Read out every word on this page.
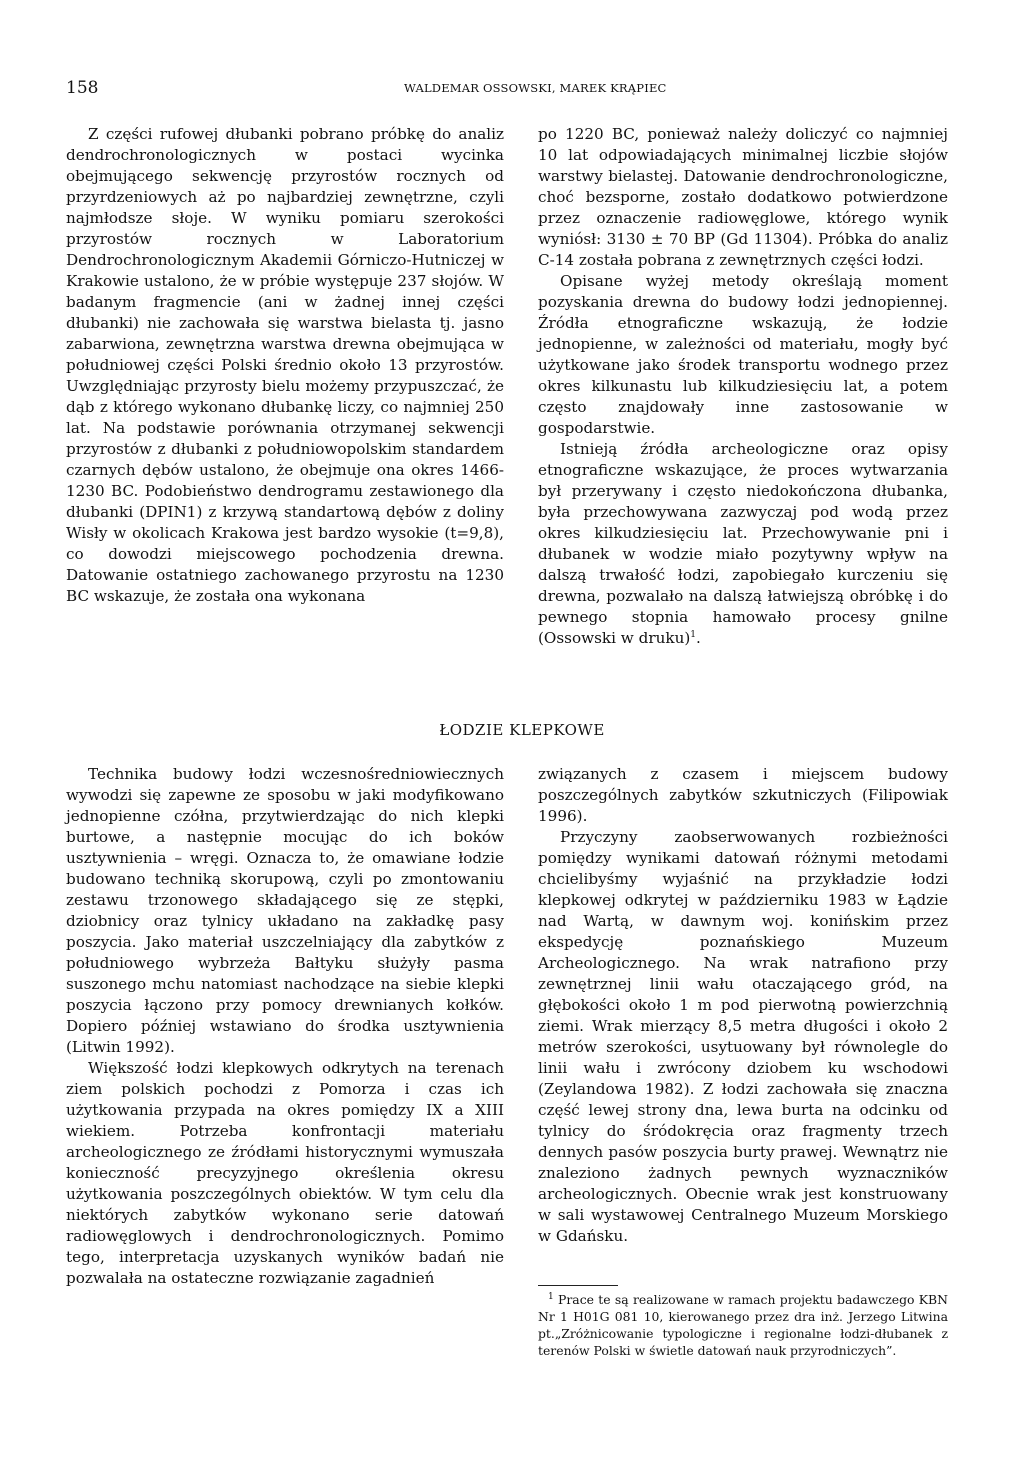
158	WALDEMAR OSSOWSKI, MAREK KRĄPIEC

Z części rufowej dłubanki pobrano próbkę do analiz dendrochronologicznych w postaci wycinka obejmującego sekwencję przyrostów rocznych od przyrdzeniowych aż po najbardziej zewnętrzne, czyli najmłodsze słoje. W wyniku pomiaru szerokości przyrostów rocznych w Laboratorium Dendrochronologicznym Akademii Górniczo-Hutniczej w Krakowie ustalono, że w próbie występuje 237 słojów. W badanym fragmencie (ani w żadnej innej części dłubanki) nie zachowała się warstwa bielasta tj. jasno zabarwiona, zewnętrzna warstwa drewna obejmująca w południowej części Polski średnio około 13 przyrostów. Uwzględniając przyrosty bielu możemy przypuszczać, że dąb z którego wykonano dłubankę liczy, co najmniej 250 lat. Na podstawie porównania otrzymanej sekwencji przyrostów z dłubanki z południowopolskim standardem czarnych dębów ustalono, że obejmuje ona okres 1466-1230 BC. Podobieństwo dendrogramu zestawionego dla dłubanki (DPIN1) z krzywą standartową dębów z doliny Wisły w okolicach Krakowa jest bardzo wysokie (t=9,8), co dowodzi miejscowego pochodzenia drewna. Datowanie ostatniego zachowanego przyrostu na 1230 BC wskazuje, że została ona wykonana

po 1220 BC, ponieważ należy doliczyć co najmniej 10 lat odpowiadających minimalnej liczbie słojów warstwy bielastej. Datowanie dendrochronologiczne, choć bezsporne, zostało dodatkowo potwierdzone przez oznaczenie radiowęglowe, którego wynik wyniósł: 3130 ± 70 BP (Gd 11304). Próbka do analiz C-14 została pobrana z zewnętrznych części łodzi.

Opisane wyżej metody określają moment pozyskania drewna do budowy łodzi jednopiennej. Źródła etnograficzne wskazują, że łodzie jednopienne, w zależności od materiału, mogły być użytkowane jako środek transportu wodnego przez okres kilkunastu lub kilkudziesięciu lat, a potem często znajdowały inne zastosowanie w gospodarstwie.

Istnieją źródła archeologiczne oraz opisy etnograficzne wskazujące, że proces wytwarzania był przerywany i często niedokończona dłubanka, była przechowywana zazwyczaj pod wodą przez okres kilkudziesięciu lat. Przechowywanie pni i dłubanek w wodzie miało pozytywny wpływ na dalszą trwałość łodzi, zapobiegało kurczeniu się drewna, pozwalało na dalszą łatwiejszą obróbkę i do pewnego stopnia hamowało procesy gnilne (Ossowski w druku)$^1$.

ŁODZIE KLEPKOWE

Technika budowy łodzi wczesnośredniowiecznych wywodzi się zapewne ze sposobu w jaki modyfikowano jednopienne czółna, przytwierdzając do nich klepki burtowe, a następnie mocując do ich boków usztywnienia – wręgi. Oznacza to, że omawiane łodzie budowano techniką skorupową, czyli po zmontowaniu zestawu trzonowego składającego się ze stępki, dziobnicy oraz tylnicy układano na zakładkę pasy poszycia. Jako materiał uszczelniający dla zabytków z południowego wybrzeża Bałtyku służyły pasma suszonego mchu natomiast nachodzące na siebie klepki poszycia łączono przy pomocy drewnianych kołków. Dopiero później wstawiano do środka usztywnienia (Litwin 1992).

Większość łodzi klepkowych odkrytych na terenach ziem polskich pochodzi z Pomorza i czas ich użytkowania przypada na okres pomiędzy IX a XIII wiekiem. Potrzeba konfrontacji materiału archeologicznego ze źródłami historycznymi wymuszała konieczność precyzyjnego określenia okresu użytkowania poszczególnych obiektów. W tym celu dla niektórych zabytków wykonano serie datowań radiowęglowych i dendrochronologicznych. Pomimo tego, interpretacja uzyskanych wyników badań nie pozwalała na ostateczne rozwiązanie zagadnień

związanych z czasem i miejscem budowy poszczególnych zabytków szkutniczych (Filipowiak 1996).

Przyczyny zaobserwowanych rozbieżności pomiędzy wynikami datowań różnymi metodami chcielibyśmy wyjaśnić na przykładzie łodzi klepkowej odkrytej w październiku 1983 w Łądzie nad Wartą, w dawnym woj. konińskim przez ekspedycję poznańskiego Muzeum Archeologicznego. Na wrak natrafiono przy zewnętrznej linii wału otaczającego gród, na głębokości około 1 m pod pierwotną powierzchnią ziemi. Wrak mierzący 8,5 metra długości i około 2 metrów szerokości, usytuowany był równolegle do linii wału i zwrócony dziobem ku wschodowi (Zeylandowa 1982). Z łodzi zachowała się znaczna część lewej strony dna, lewa burta na odcinku od tylnicy do śródokręcia oraz fragmenty trzech dennych pasów poszycia burty prawej. Wewnątrz nie znaleziono żadnych pewnych wyznaczników archeologicznych. Obecnie wrak jest konstruowany w sali wystawowej Centralnego Muzeum Morskiego w Gdańsku.

$^1$ Prace te są realizowane w ramach projektu badawczego KBN Nr 1 H01G 081 10, kierowanego przez dra inż. Jerzego Litwina pt.„Zróżnicowanie typologiczne i regionalne łodzi-dłubanek z terenów Polski w świetle datowań nauk przyrodniczych”.
